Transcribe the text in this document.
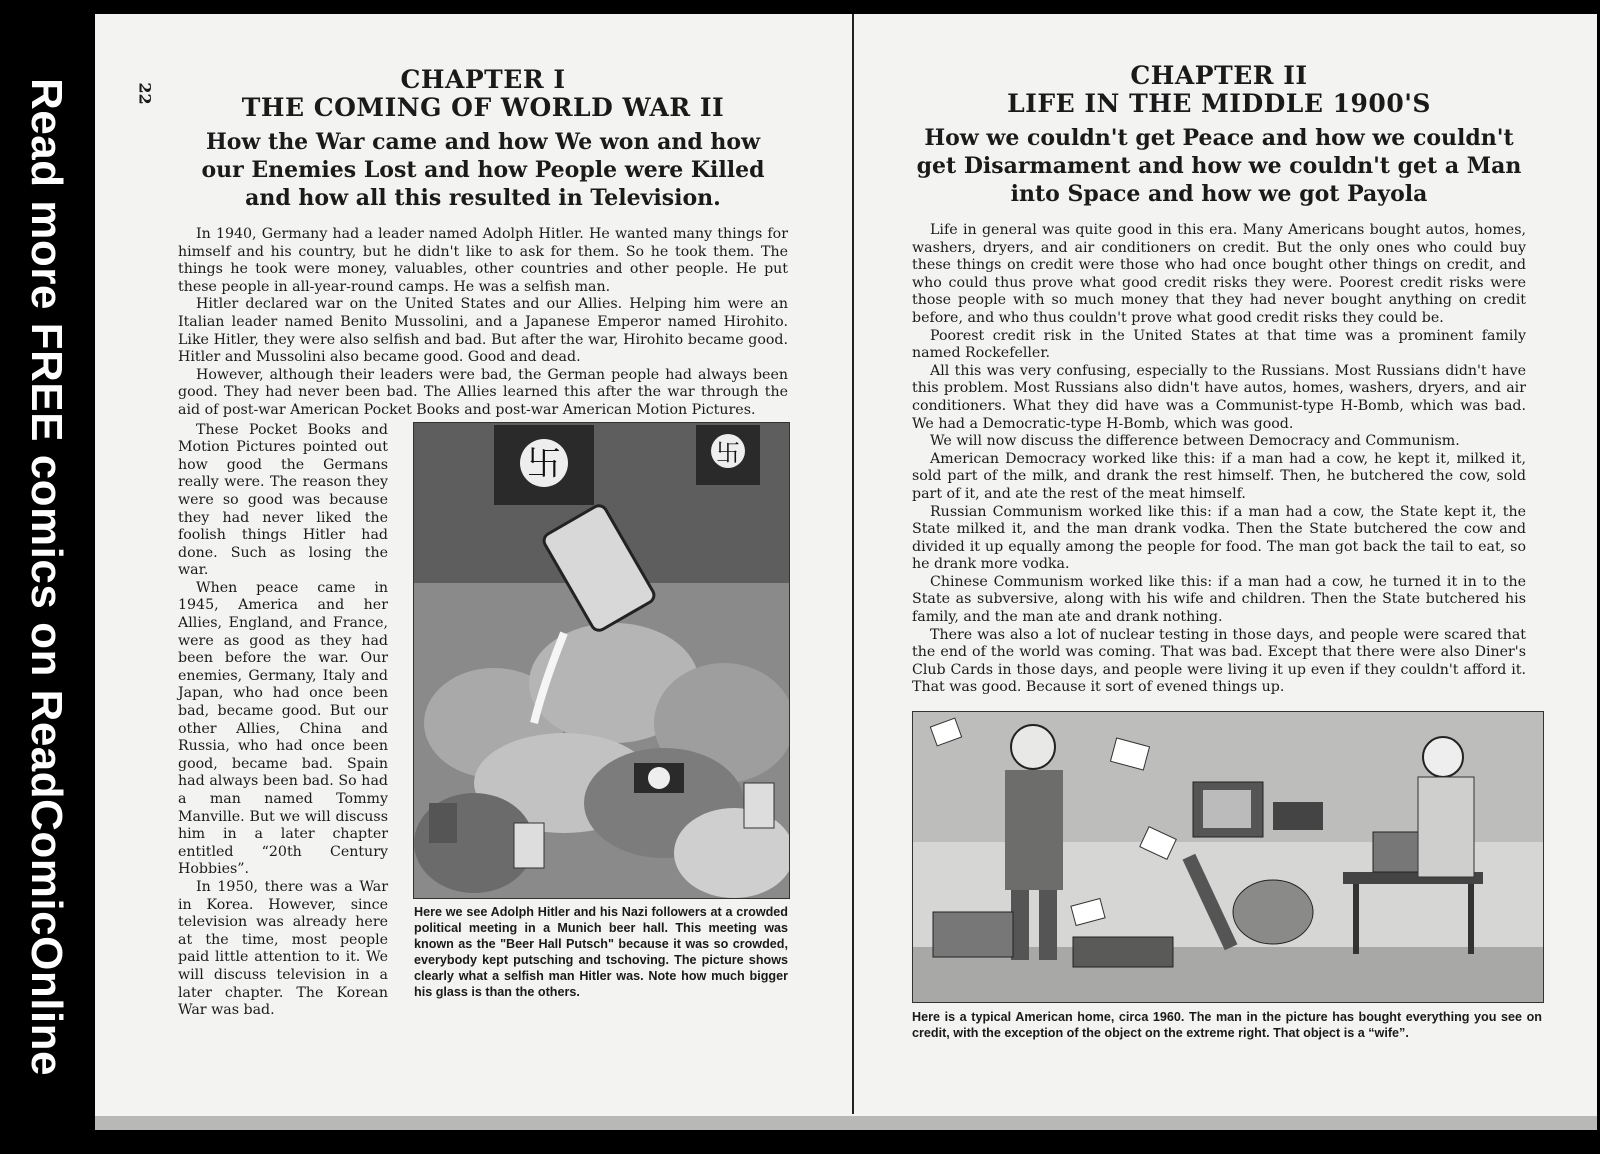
Read more FREE comics on ReadComicOnline	22	CHAPTER I
THE COMING OF WORLD WAR II
How the War came and how We won and how our Enemies Lost and how People were Killed and how all this resulted in Television.

In 1940, Germany had a leader named Adolph Hitler. He wanted many things for himself and his country, but he didn't like to ask for them. So he took them. The things he took were money, valuables, other countries and other people. He put these people in all-year-round camps. He was a selfish man.

Hitler declared war on the United States and our Allies. Helping him were an Italian leader named Benito Mussolini, and a Japanese Emperor named Hirohito. Like Hitler, they were also selfish and bad. But after the war, Hirohito became good. Hitler and Mussolini also became good. Good and dead.

However, although their leaders were bad, the German people had always been good. They had never been bad. The Allies learned this after the war through the aid of post-war American Pocket Books and post-war American Motion Pictures.

These Pocket Books and Motion Pictures pointed out how good the Germans really were. The reason they were so good was because they had never liked the foolish things Hitler had done. Such as losing the war.

When peace came in 1945, America and her Allies, England, and France, were as good as they had been before the war. Our enemies, Germany, Italy and Japan, who had once been bad, became good. But our other Allies, China and Russia, who had once been good, became bad. Spain had always been bad. So had a man named Tommy Manville. But we will discuss him in a later chapter entitled “20th Century Hobbies”.

In 1950, there was a War in Korea. However, since television was already here at the time, most people paid little attention to it. We will discuss television in a later chapter. The Korean War was bad.

卐	卐
Here we see Adolph Hitler and his Nazi followers at a crowded political meeting in a Munich beer hall. This meeting was known as the "Beer Hall Putsch" because it was so crowded, everybody kept putsching and tschoving. The picture shows clearly what a selfish man Hitler was. Note how much bigger his glass is than the others.
CHAPTER II
LIFE IN THE MIDDLE 1900'S
How we couldn't get Peace and how we couldn't get Disarmament and how we couldn't get a Man into Space and how we got Payola

Life in general was quite good in this era. Many Americans bought autos, homes, washers, dryers, and air conditioners on credit. But the only ones who could buy these things on credit were those who had once bought other things on credit, and who could thus prove what good credit risks they were. Poorest credit risks were those people with so much money that they had never bought anything on credit before, and who thus couldn't prove what good credit risks they could be.

Poorest credit risk in the United States at that time was a prominent family named Rockefeller.

All this was very confusing, especially to the Russians. Most Russians didn't have this problem. Most Russians also didn't have autos, homes, washers, dryers, and air conditioners. What they did have was a Communist-type H-Bomb, which was bad. We had a Democratic-type H-Bomb, which was good.

We will now discuss the difference between Democracy and Communism.

American Democracy worked like this: if a man had a cow, he kept it, milked it, sold part of the milk, and drank the rest himself. Then, he butchered the cow, sold part of it, and ate the rest of the meat himself.

Russian Communism worked like this: if a man had a cow, the State kept it, the State milked it, and the man drank vodka. Then the State butchered the cow and divided it up equally among the people for food. The man got back the tail to eat, so he drank more vodka.

Chinese Communism worked like this: if a man had a cow, he turned it in to the State as subversive, along with his wife and children. Then the State butchered his family, and the man ate and drank nothing.

There was also a lot of nuclear testing in those days, and people were scared that the end of the world was coming. That was bad. Except that there were also Diner's Club Cards in those days, and people were living it up even if they couldn't afford it. That was good. Because it sort of evened things up.

Here is a typical American home, circa 1960. The man in the picture has bought everything you see on credit, with the exception of the object on the extreme right. That object is a “wife”.
